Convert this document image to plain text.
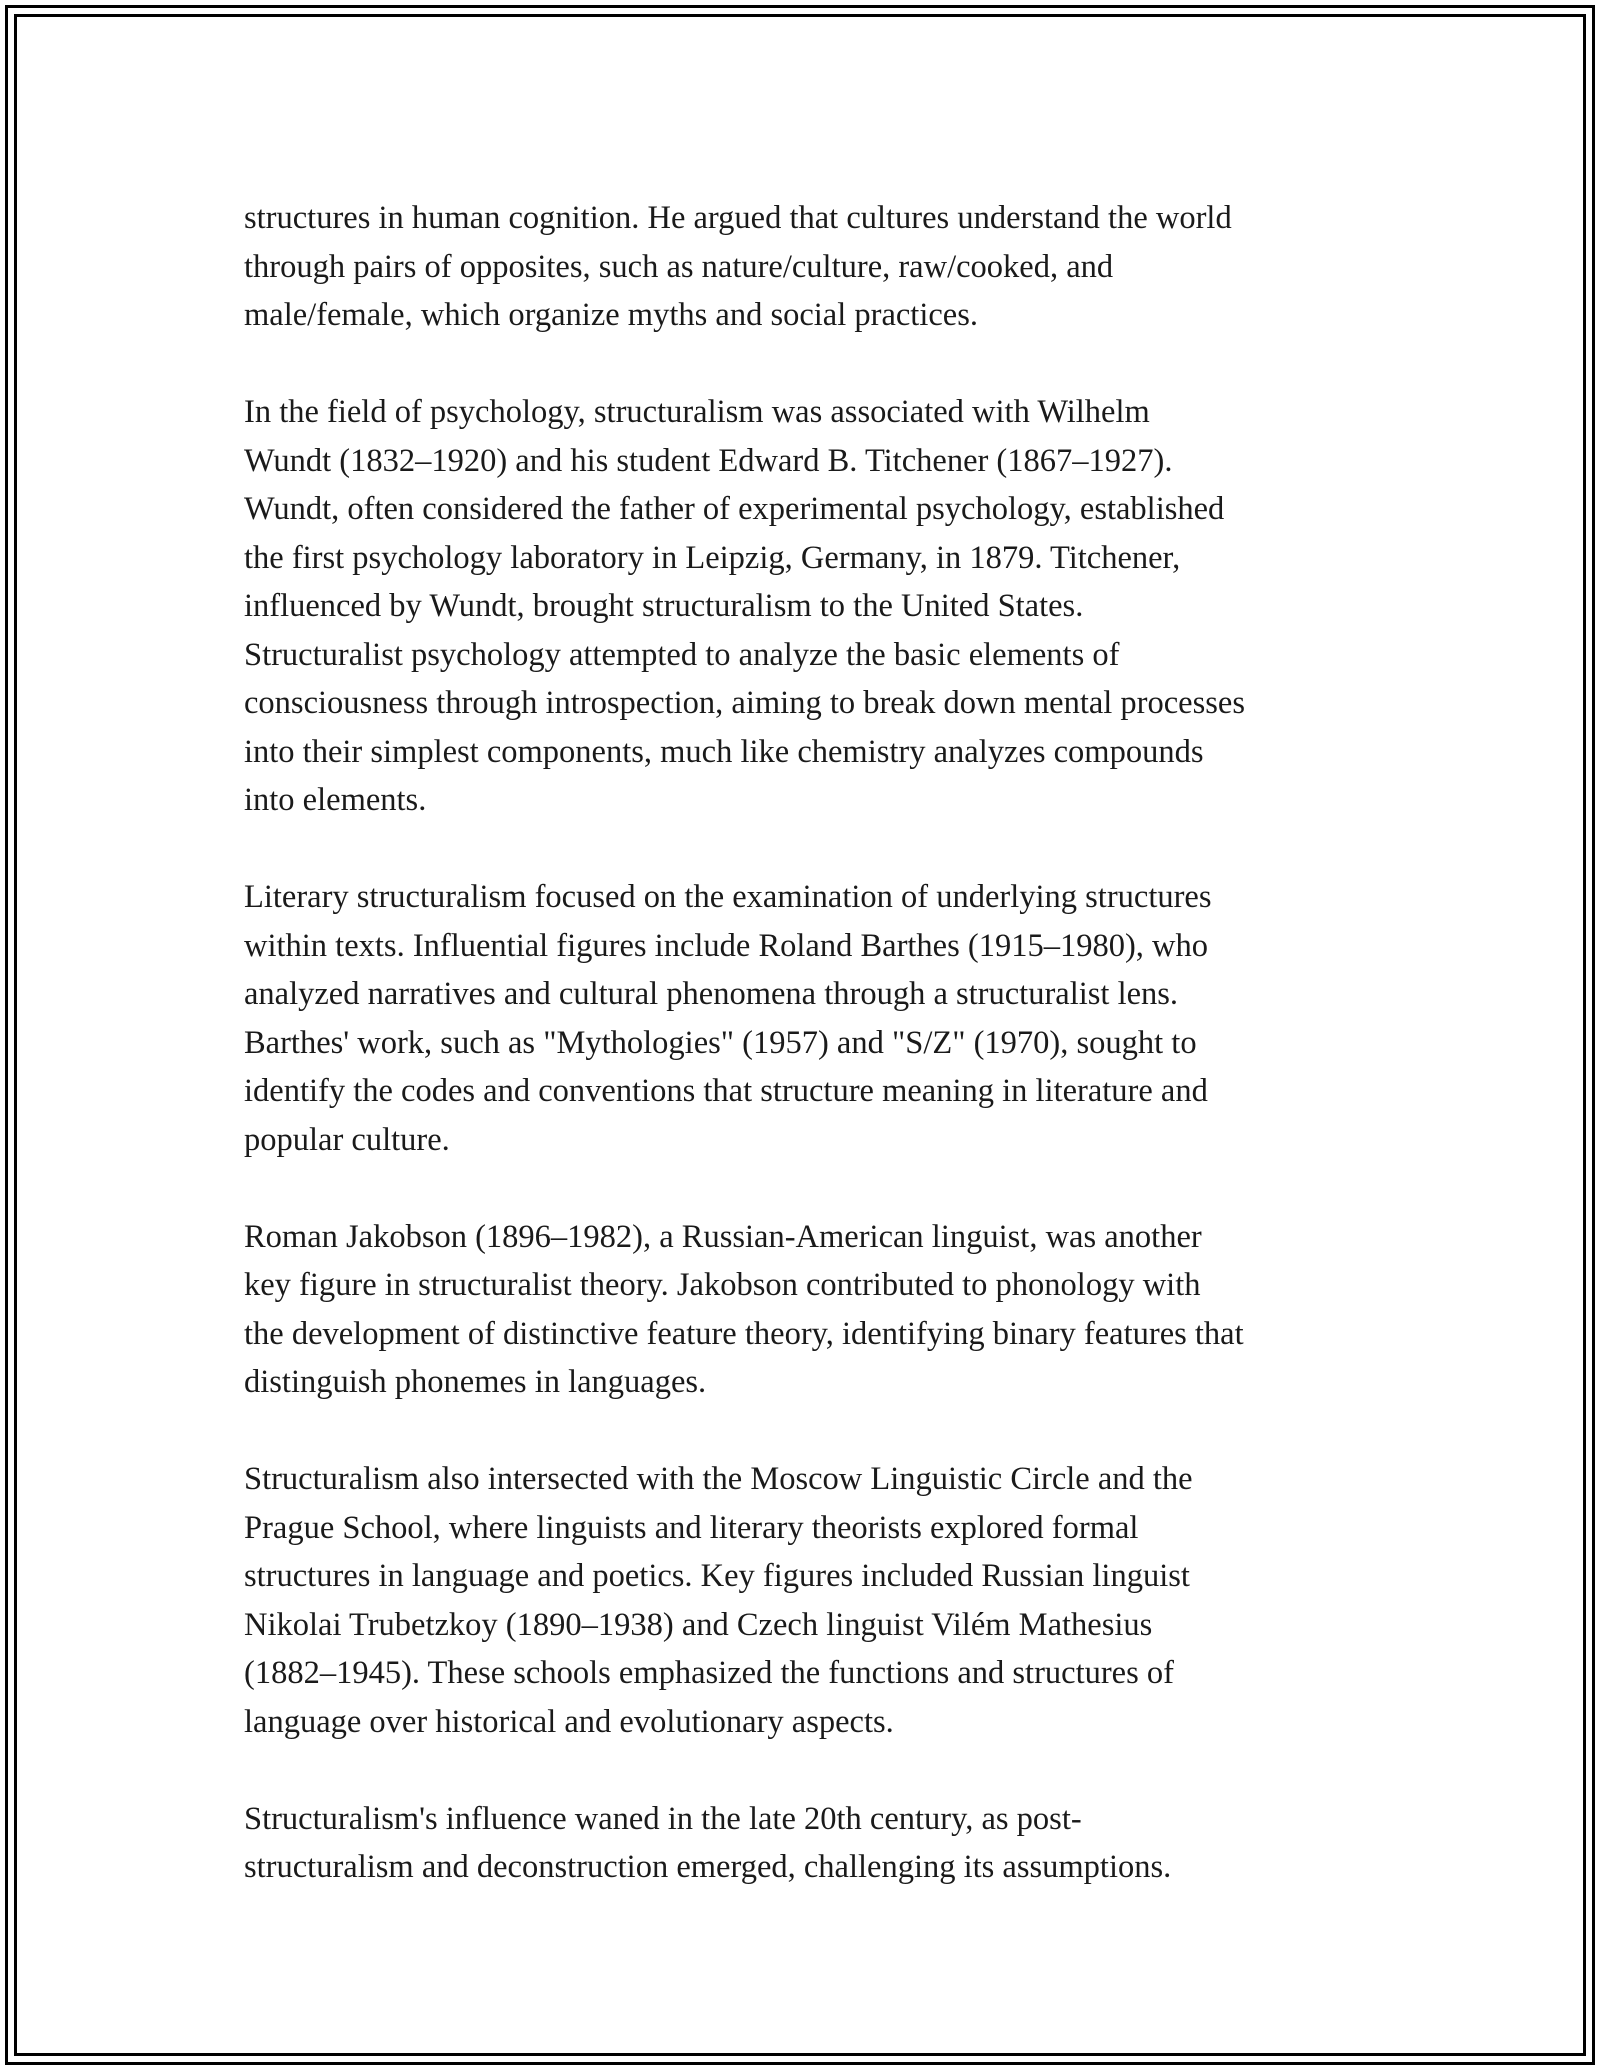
structures in human cognition. He argued that cultures understand the world
through pairs of opposites, such as nature/culture, raw/cooked, and
male/female, which organize myths and social practices.

In the field of psychology, structuralism was associated with Wilhelm
Wundt (1832–1920) and his student Edward B. Titchener (1867–1927).
Wundt, often considered the father of experimental psychology, established
the first psychology laboratory in Leipzig, Germany, in 1879. Titchener,
influenced by Wundt, brought structuralism to the United States.
Structuralist psychology attempted to analyze the basic elements of
consciousness through introspection, aiming to break down mental processes
into their simplest components, much like chemistry analyzes compounds
into elements.

Literary structuralism focused on the examination of underlying structures
within texts. Influential figures include Roland Barthes (1915–1980), who
analyzed narratives and cultural phenomena through a structuralist lens.
Barthes' work, such as "Mythologies" (1957) and "S/Z" (1970), sought to
identify the codes and conventions that structure meaning in literature and
popular culture.

Roman Jakobson (1896–1982), a Russian-American linguist, was another
key figure in structuralist theory. Jakobson contributed to phonology with
the development of distinctive feature theory, identifying binary features that
distinguish phonemes in languages.

Structuralism also intersected with the Moscow Linguistic Circle and the
Prague School, where linguists and literary theorists explored formal
structures in language and poetics. Key figures included Russian linguist
Nikolai Trubetzkoy (1890–1938) and Czech linguist Vilém Mathesius
(1882–1945). These schools emphasized the functions and structures of
language over historical and evolutionary aspects.

Structuralism's influence waned in the late 20th century, as post-
structuralism and deconstruction emerged, challenging its assumptions.
